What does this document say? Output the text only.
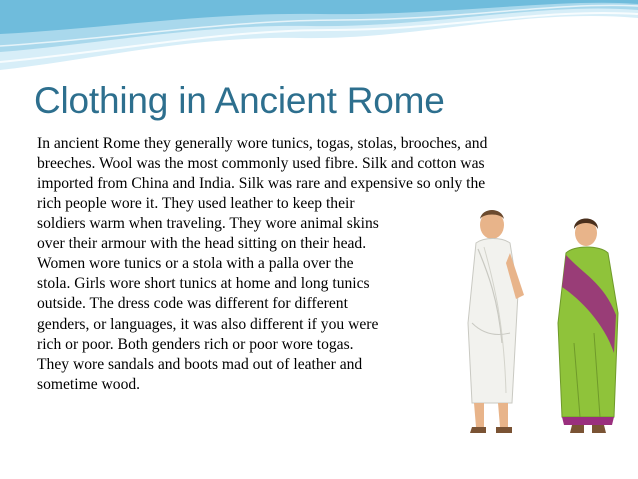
Clothing in Ancient Rome
In ancient Rome they generally wore tunics, togas, stolas, brooches, and
breeches. Wool was the most commonly used fibre. Silk and cotton was
imported from China and India. Silk was rare and expensive so only the
rich people wore it. They used leather to keep their
soldiers warm when traveling. They wore animal skins
over their armour with the head sitting on their head.
Women wore tunics or a stola with a palla over the
stola. Girls wore short tunics at home and long tunics
outside. The dress code was different for different
genders, or languages, it was also different if you were
rich or poor. Both genders rich or poor wore togas.
They wore sandals and boots mad out of leather and
sometime wood.
